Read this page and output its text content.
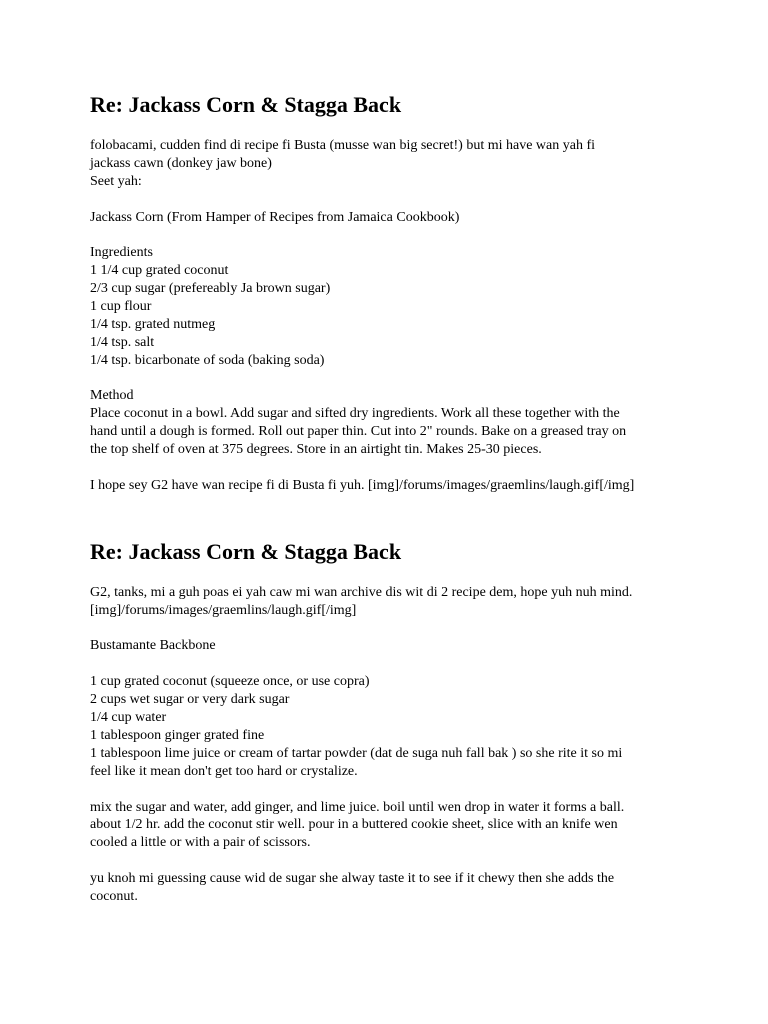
Re: Jackass Corn & Stagga Back

folobacami, cudden find di recipe fi Busta (musse wan big secret!) but mi have wan yah fi
jackass cawn (donkey jaw bone)
Seet yah:

Jackass Corn (From Hamper of Recipes from Jamaica Cookbook)

Ingredients
1 1/4 cup grated coconut
2/3 cup sugar (prefereably Ja brown sugar)
1 cup flour
1/4 tsp. grated nutmeg
1/4 tsp. salt
1/4 tsp. bicarbonate of soda (baking soda)

Method
Place coconut in a bowl. Add sugar and sifted dry ingredients. Work all these together with the
hand until a dough is formed. Roll out paper thin. Cut into 2" rounds. Bake on a greased tray on
the top shelf of oven at 375 degrees. Store in an airtight tin. Makes 25-30 pieces.

I hope sey G2 have wan recipe fi di Busta fi yuh. [img]/forums/images/graemlins/laugh.gif[/img]

Re: Jackass Corn & Stagga Back

G2, tanks, mi a guh poas ei yah caw mi wan archive dis wit di 2 recipe dem, hope yuh nuh mind.
[img]/forums/images/graemlins/laugh.gif[/img]

Bustamante Backbone

1 cup grated coconut (squeeze once, or use copra)
2 cups wet sugar or very dark sugar
1/4 cup water
1 tablespoon ginger grated fine
1 tablespoon lime juice or cream of tartar powder (dat de suga nuh fall bak ) so she rite it so mi
feel like it mean don't get too hard or crystalize.

mix the sugar and water, add ginger, and lime juice. boil until wen drop in water it forms a ball.
about 1/2 hr. add the coconut stir well. pour in a buttered cookie sheet, slice with an knife wen
cooled a little or with a pair of scissors.

yu knoh mi guessing cause wid de sugar she alway taste it to see if it chewy then she adds the
coconut.
